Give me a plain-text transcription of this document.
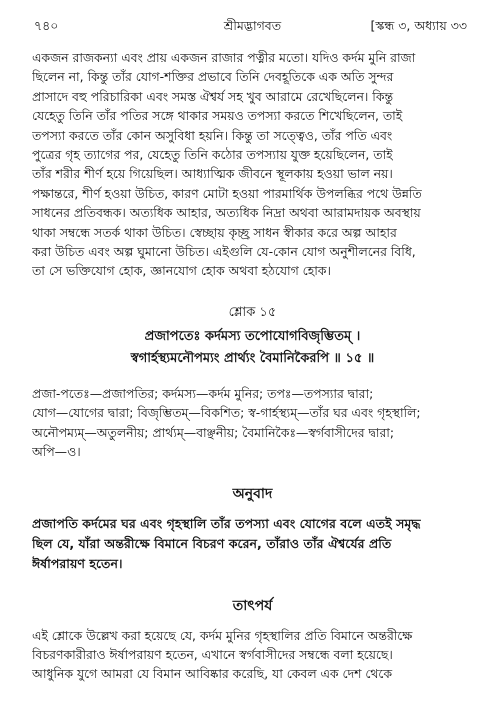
৭৪০	শ্রীমদ্ভাগবত	[স্কন্ধ ৩, অধ্যায় ৩৩
একজন রাজকন্যা এবং প্রায় একজন রাজার পত্নীর মতো। যদিও কর্দম মুনি রাজা
ছিলেন না, কিন্তু তাঁর যোগ-শক্তির প্রভাবে তিনি দেবহূতিকে এক অতি সুন্দর
প্রাসাদে বহু পরিচারিকা এবং সমস্ত ঐশ্বর্য সহ খুব আরামে রেখেছিলেন। কিন্তু
যেহেতু তিনি তাঁর পতির সঙ্গে থাকার সময়ও তপস্যা করতে শিখেছিলেন, তাই
তপস্যা করতে তাঁর কোন অসুবিধা হয়নি। কিন্তু তা সত্ত্বেও, তাঁর পতি এবং
পুত্রের গৃহ ত্যাগের পর, যেহেতু তিনি কঠোর তপস্যায় যুক্ত হয়েছিলেন, তাই
তাঁর শরীর শীর্ণ হয়ে গিয়েছিল। আধ্যাত্মিক জীবনে স্থূলকায় হওয়া ভাল নয়।
পক্ষান্তরে, শীর্ণ হওয়া উচিত, কারণ মোটা হওয়া পারমার্থিক উপলব্ধির পথে উন্নতি
সাধনের প্রতিবন্ধক। অত্যধিক আহার, অত্যধিক নিদ্রা অথবা আরামদায়ক অবস্থায়
থাকা সম্বন্ধে সতর্ক থাকা উচিত। স্বেচ্ছায় কৃচ্ছ্র সাধন স্বীকার করে অল্প আহার
করা উচিত এবং অল্প ঘুমানো উচিত। এইগুলি যে-কোন যোগ অনুশীলনের বিধি,
তা সে ভক্তিযোগ হোক, জ্ঞানযোগ হোক অথবা হঠযোগ হোক।
শ্লোক ১৫

প্রজাপতেঃ কর্দমস্য তপোযোগবিজৃম্ভিতম্ ।

স্বগার্হস্থ্যমনৌপম্যং প্রার্থ্যং বৈমানিকৈরপি ॥ ১৫ ॥

প্রজা-পতেঃ—প্রজাপতির; কর্দমস্য—কর্দম মুনির; তপঃ—তপস্যার দ্বারা;
যোগ—যোগের দ্বারা; বিজৃম্ভিতম্—বিকশিত; স্ব-গার্হস্থ্যম্—তাঁর ঘর এবং গৃহস্থালি;
অনৌপম্যম্—অতুলনীয়; প্রার্থ্যম্—বাঞ্ছনীয়; বৈমানিকৈঃ—স্বর্গবাসীদের দ্বারা;
অপি—ও।
অনুবাদ
প্রজাপতি কর্দমের ঘর এবং গৃহস্থালি তাঁর তপস্যা এবং যোগের বলে এতই সমৃদ্ধ
ছিল যে, যাঁরা অন্তরীক্ষে বিমানে বিচরণ করেন, তাঁরাও তাঁর ঐশ্বর্যের প্রতি
ঈর্ষাপরায়ণ হতেন।
তাৎপর্য
এই শ্লোকে উল্লেখ করা হয়েছে যে, কর্দম মুনির গৃহস্থালির প্রতি বিমানে অন্তরীক্ষে
বিচরণকারীরাও ঈর্ষাপরায়ণ হতেন, এখানে স্বর্গবাসীদের সম্বন্ধে বলা হয়েছে।
আধুনিক যুগে আমরা যে বিমান আবিষ্কার করেছি, যা কেবল এক দেশ থেকে
